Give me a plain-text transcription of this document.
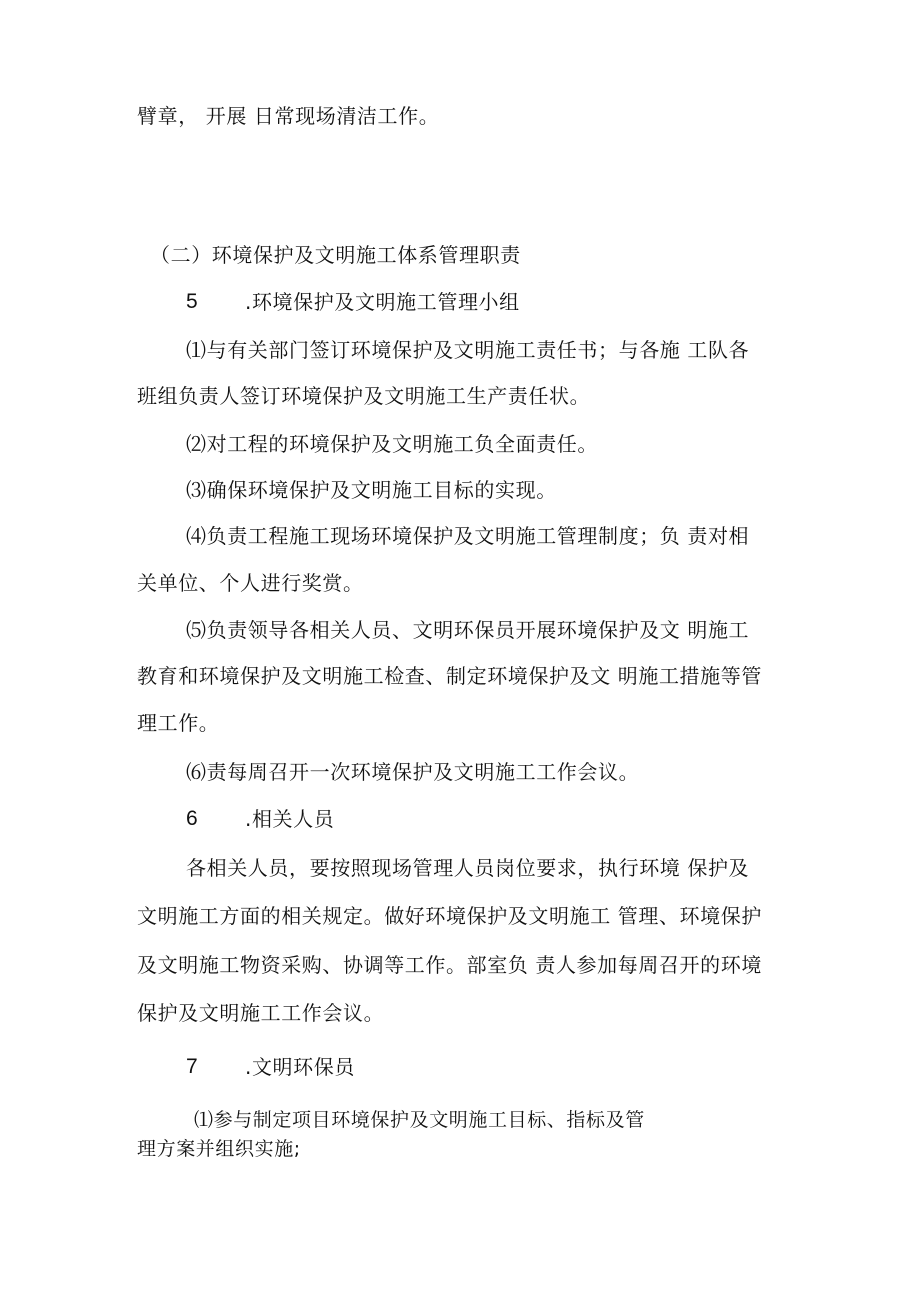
臂章， 开展 日常现场清洁工作。
（二）环境保护及文明施工体系管理职责
5 .环境保护及文明施工管理小组
⑴与有关部门签订环境保护及文明施工责任书；与各施 工队各
班组负责人签订环境保护及文明施工生产责任状。
⑵对工程的环境保护及文明施工负全面责任。
⑶确保环境保护及文明施工目标的实现。
⑷负责工程施工现场环境保护及文明施工管理制度；负 责对相
关单位、个人进行奖赏。
⑸负责领导各相关人员、文明环保员开展环境保护及文 明施工
教育和环境保护及文明施工检查、制定环境保护及文 明施工措施等管
理工作。
⑹责每周召开一次环境保护及文明施工工作会议。
6 .相关人员
各相关人员，要按照现场管理人员岗位要求，执行环境 保护及
文明施工方面的相关规定。做好环境保护及文明施工 管理、环境保护
及文明施工物资采购、协调等工作。部室负 责人参加每周召开的环境
保护及文明施工工作会议。
7 .文明环保员
⑴参与制定项目环境保护及文明施工目标、指标及管
理方案并组织实施;
